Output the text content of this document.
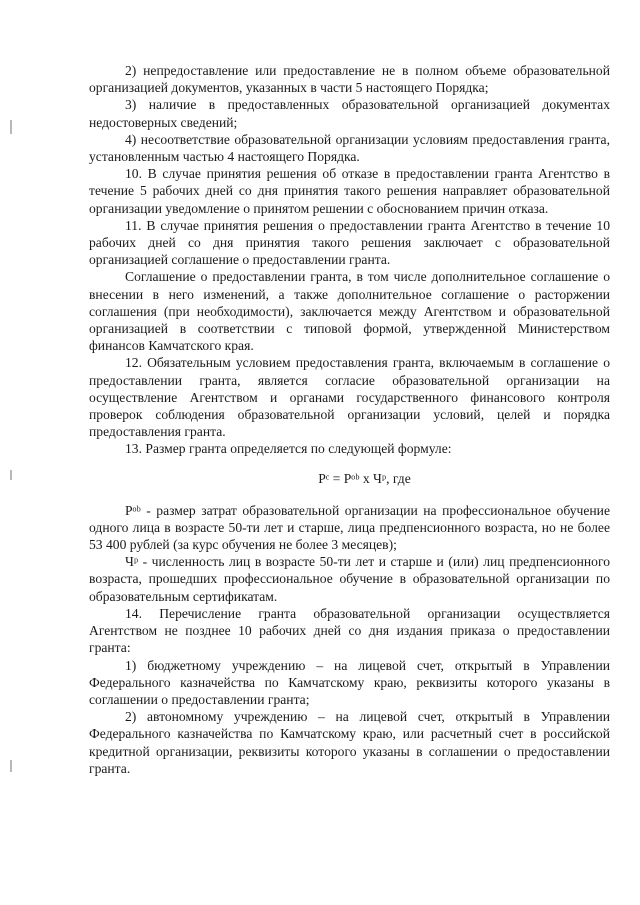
2) непредоставление или предоставление не в полном объеме образовательной организацией документов, указанных в части 5 настоящего Порядка;

3) наличие в предоставленных образовательной организацией документах недостоверных сведений;

4) несоответствие образовательной организации условиям предоставления гранта, установленным частью 4 настоящего Порядка.

10. В случае принятия решения об отказе в предоставлении гранта Агентство в течение 5 рабочих дней со дня принятия такого решения направляет образовательной организации уведомление о принятом решении с обоснованием причин отказа.

11. В случае принятия решения о предоставлении гранта Агентство в течение 10 рабочих дней со дня принятия такого решения заключает с образовательной организацией соглашение о предоставлении гранта.

Соглашение о предоставлении гранта, в том числе дополнительное соглашение о внесении в него изменений, а также дополнительное соглашение о расторжении соглашения (при необходимости), заключается между Агентством и образовательной организацией в соответствии с типовой формой, утвержденной Министерством финансов Камчатского края.

12. Обязательным условием предоставления гранта, включаемым в соглашение о предоставлении гранта, является согласие образовательной организации на осуществление Агентством и органами государственного финансового контроля проверок соблюдения образовательной организации условий, целей и порядка предоставления гранта.

13. Размер гранта определяется по следующей формуле:

Pᶜ = Pᵒᵇ x Чᵖ, где

Pᵒᵇ - размер затрат образовательной организации на профессиональное обучение одного лица в возрасте 50-ти лет и старше, лица предпенсионного возраста, но не более 53 400 рублей (за курс обучения не более 3 месяцев);

Чᵖ - численность лиц в возрасте 50-ти лет и старше и (или) лиц предпенсионного возраста, прошедших профессиональное обучение в образовательной организации по образовательным сертификатам.

14. Перечисление гранта образовательной организации осуществляется Агентством не позднее 10 рабочих дней со дня издания приказа о предоставлении гранта:

1) бюджетному учреждению – на лицевой счет, открытый в Управлении Федерального казначейства по Камчатскому краю, реквизиты которого указаны в соглашении о предоставлении гранта;

2) автономному учреждению – на лицевой счет, открытый в Управлении Федерального казначейства по Камчатскому краю, или расчетный счет в российской кредитной организации, реквизиты которого указаны в соглашении о предоставлении гранта.
